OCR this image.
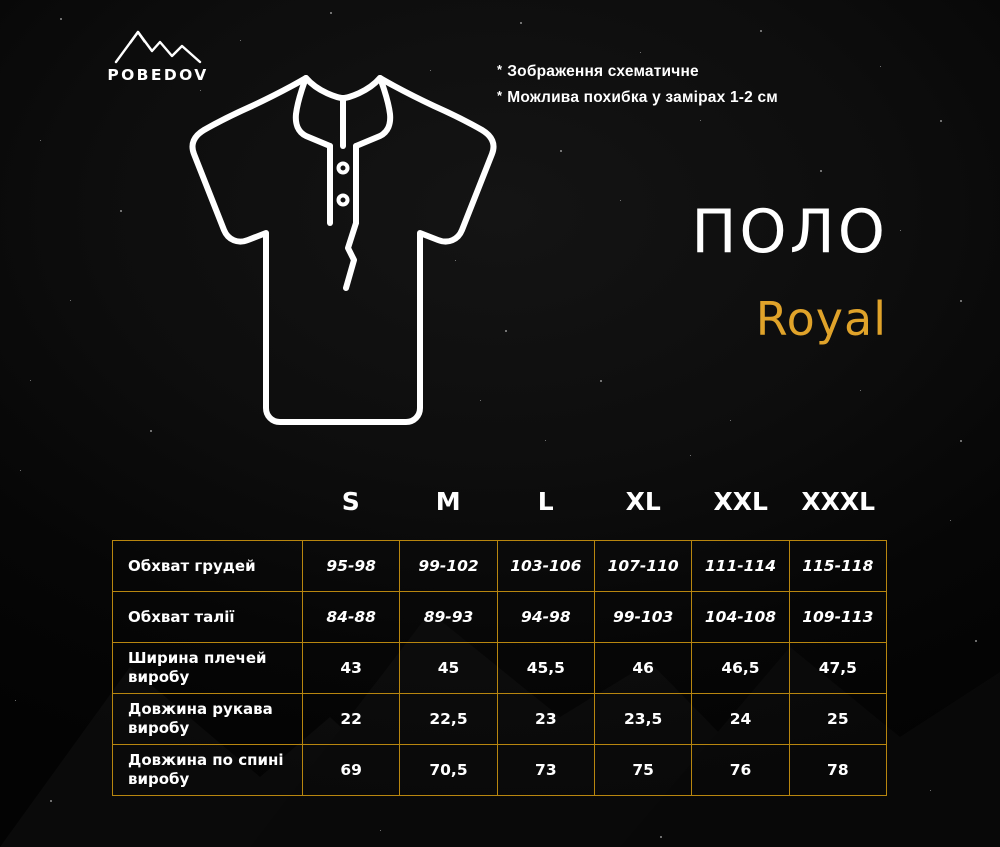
POBEDOV	* Зображення схематичне
* Можлива похибка у замірах 1-2 см
ПОЛО
Royal
S	M	L	XL	XXL	XXXL
Обхват грудей	95-98	99-102	103-106	107-110	111-114	115-118
Обхват талії	84-88	89-93	94-98	99-103	104-108	109-113
Ширина плечей виробу	43	45	45,5	46	46,5	47,5
Довжина рукава виробу	22	22,5	23	23,5	24	25
Довжина по спині виробу	69	70,5	73	75	76	78
